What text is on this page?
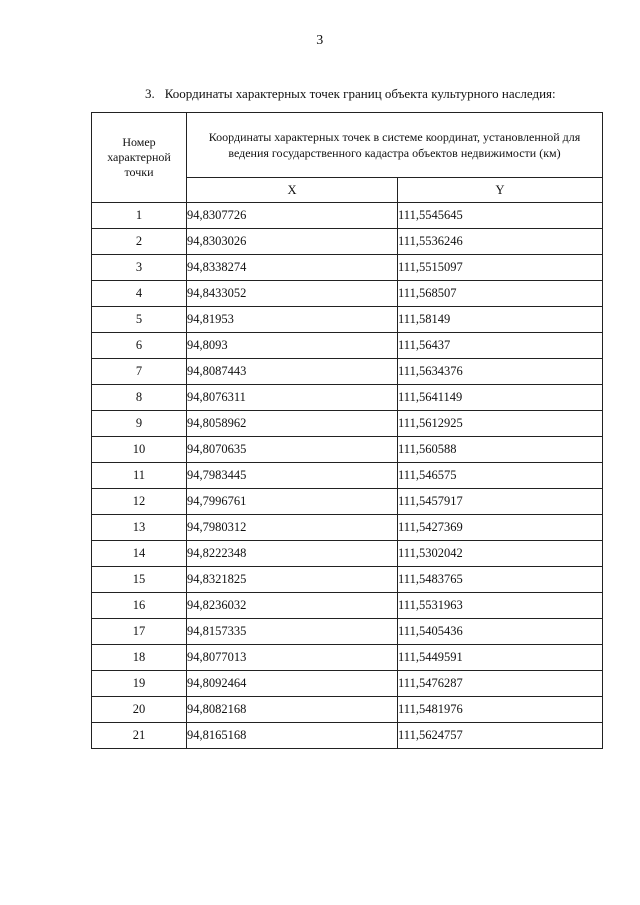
3
3. Координаты характерных точек границ объекта культурного наследия:
Номер характерной точки	Координаты характерных точек в системе координат, установленной для ведения государственного кадастра объектов недвижимости (км)	
	X	Y
1	94,8307726	111,5545645
2	94,8303026	111,5536246
3	94,8338274	111,5515097
4	94,8433052	111,568507
5	94,81953	111,58149
6	94,8093	111,56437
7	94,8087443	111,5634376
8	94,8076311	111,5641149
9	94,8058962	111,5612925
10	94,8070635	111,560588
11	94,7983445	111,546575
12	94,7996761	111,5457917
13	94,7980312	111,5427369
14	94,8222348	111,5302042
15	94,8321825	111,5483765
16	94,8236032	111,5531963
17	94,8157335	111,5405436
18	94,8077013	111,5449591
19	94,8092464	111,5476287
20	94,8082168	111,5481976
21	94,8165168	111,5624757
